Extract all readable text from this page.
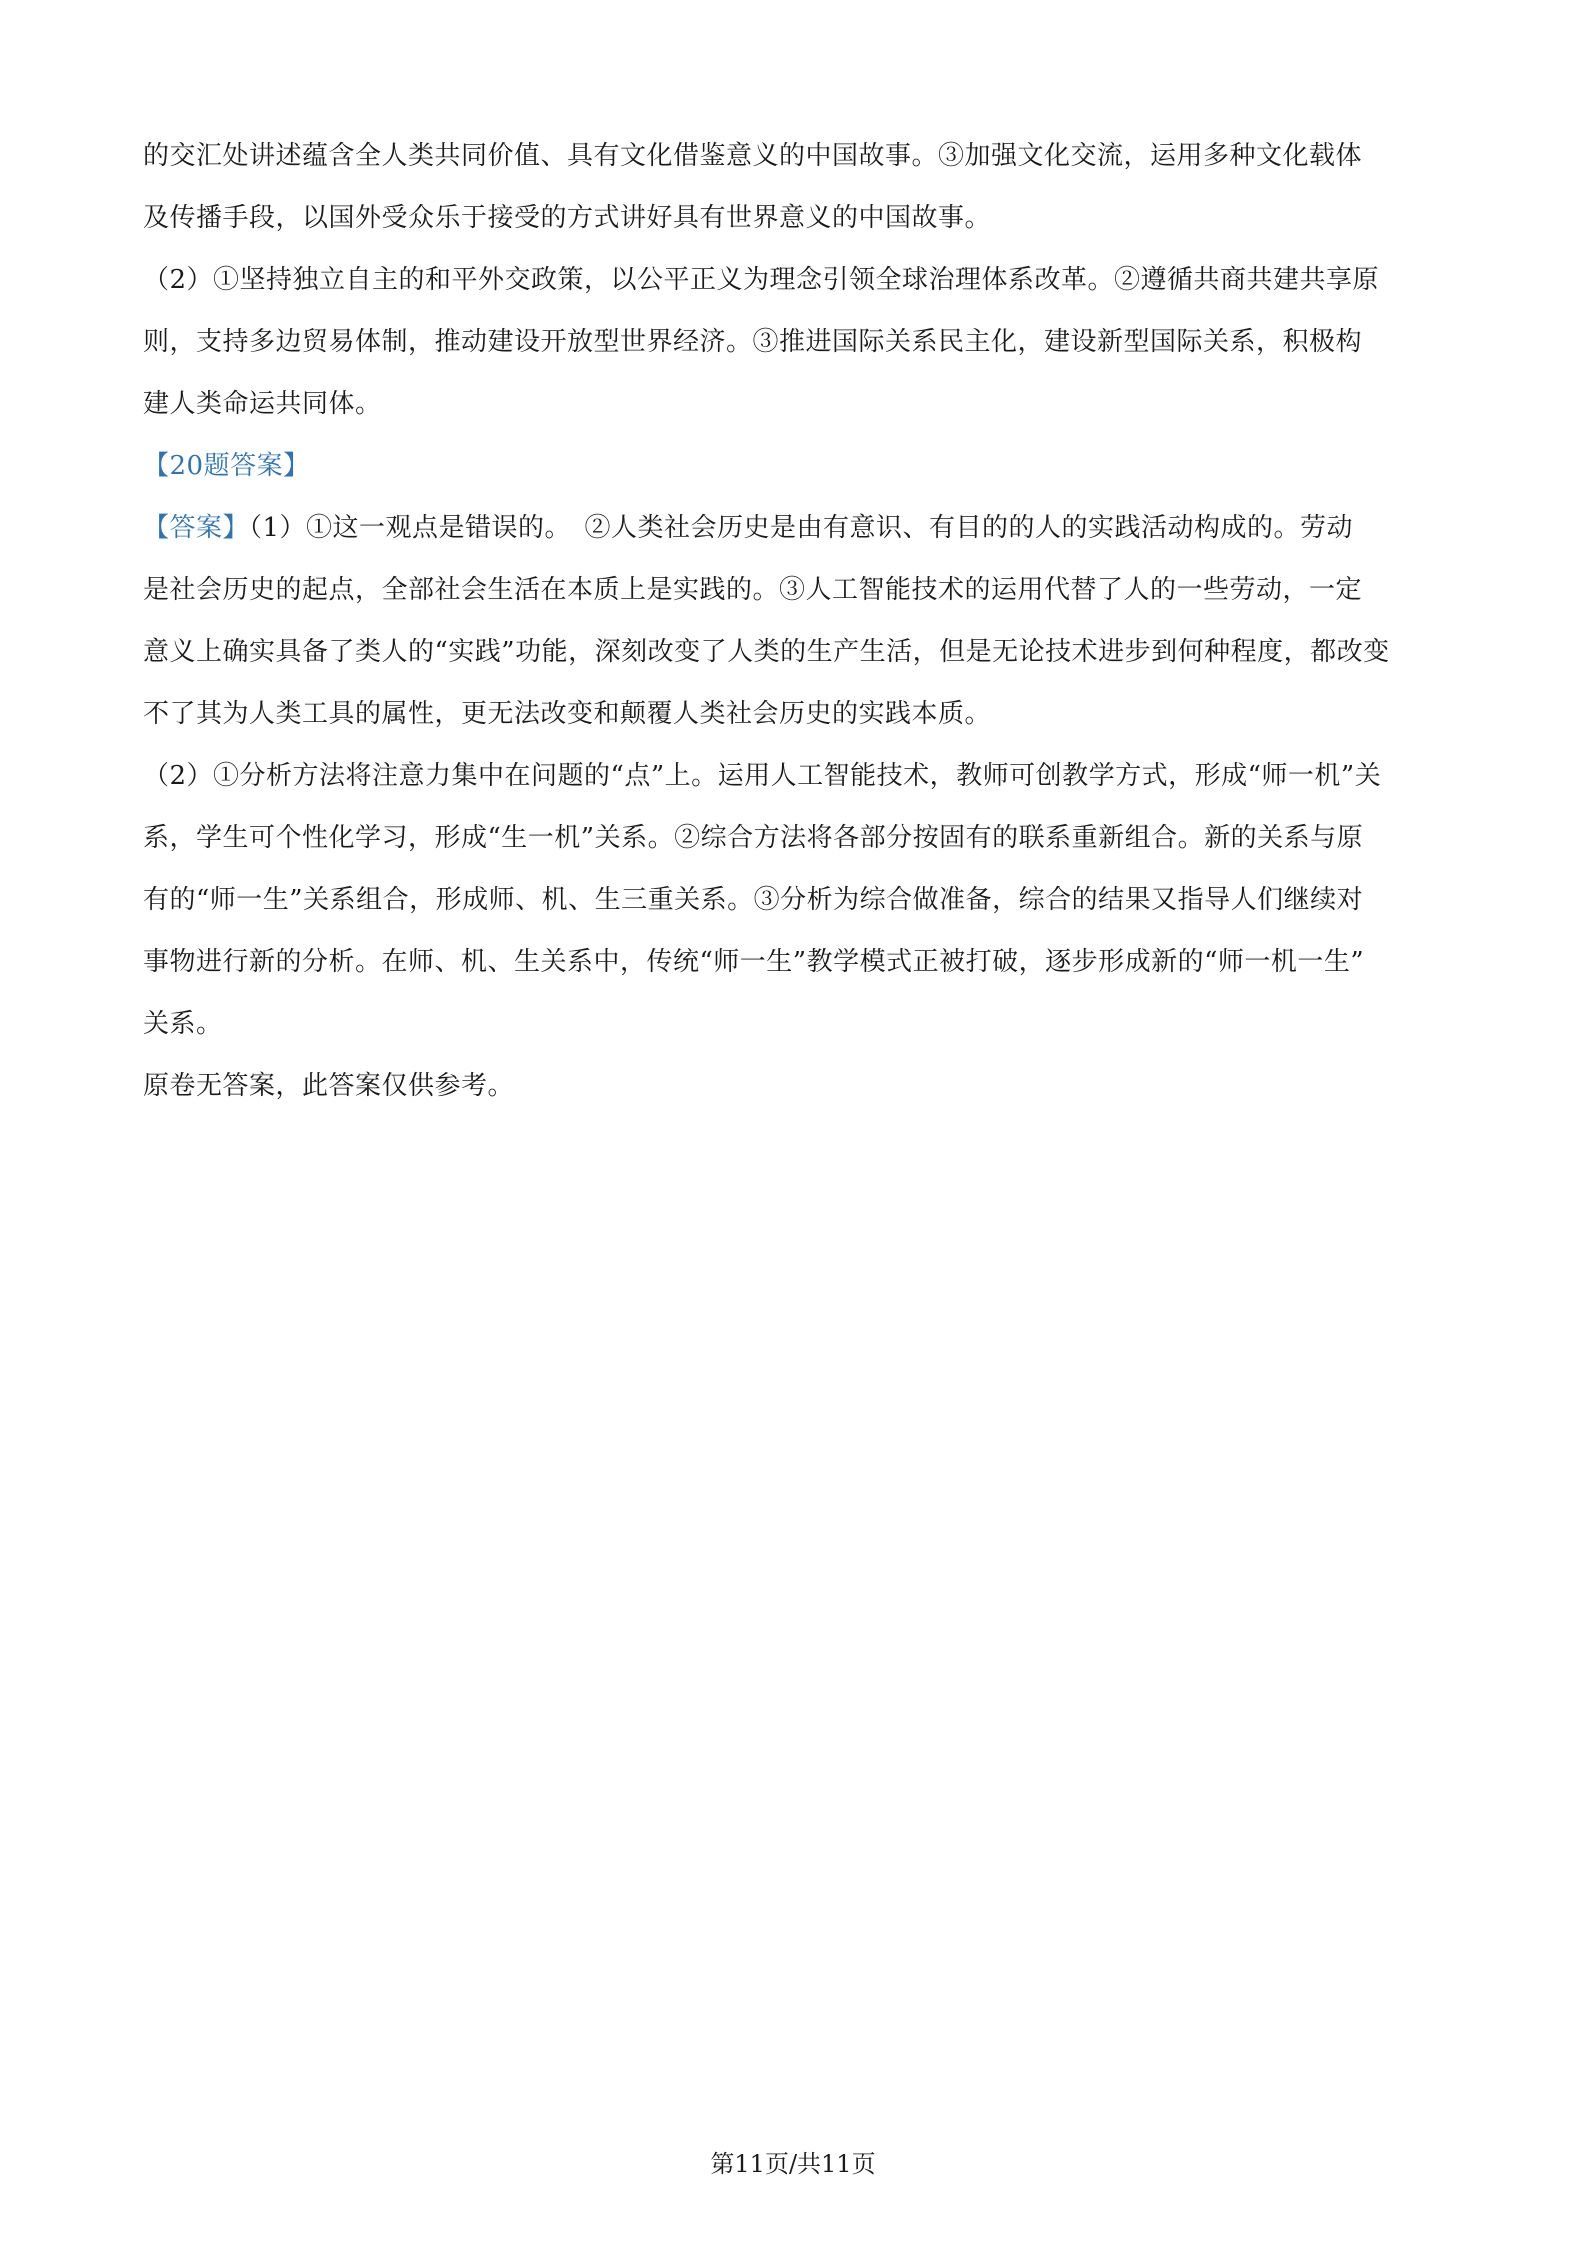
的交汇处讲述蕴含全人类共同价值、具有文化借鉴意义的中国故事。③加强文化交流，运用多种文化载体
及传播手段，以国外受众乐于接受的方式讲好具有世界意义的中国故事。
（2）①坚持独立自主的和平外交政策，以公平正义为理念引领全球治理体系改革。②遵循共商共建共享原
则，支持多边贸易体制，推动建设开放型世界经济。③推进国际关系民主化，建设新型国际关系，积极构
建人类命运共同体。
【20题答案】
【答案】（1）①这一观点是错误的。　②人类社会历史是由有意识、有目的的人的实践活动构成的。劳动
是社会历史的起点，全部社会生活在本质上是实践的。③人工智能技术的运用代替了人的一些劳动，一定
意义上确实具备了类人的“实践”功能，深刻改变了人类的生产生活，但是无论技术进步到何种程度，都改变
不了其为人类工具的属性，更无法改变和颠覆人类社会历史的实践本质。
（2）①分析方法将注意力集中在问题的“点”上。运用人工智能技术，教师可创教学方式，形成“师一机”关
系，学生可个性化学习，形成“生一机”关系。②综合方法将各部分按固有的联系重新组合。新的关系与原
有的“师一生”关系组合，形成师、机、生三重关系。③分析为综合做准备，综合的结果又指导人们继续对
事物进行新的分析。在师、机、生关系中，传统“师一生”教学模式正被打破，逐步形成新的“师一机一生”
关系。
原卷无答案，此答案仅供参考。
第11页/共11页
